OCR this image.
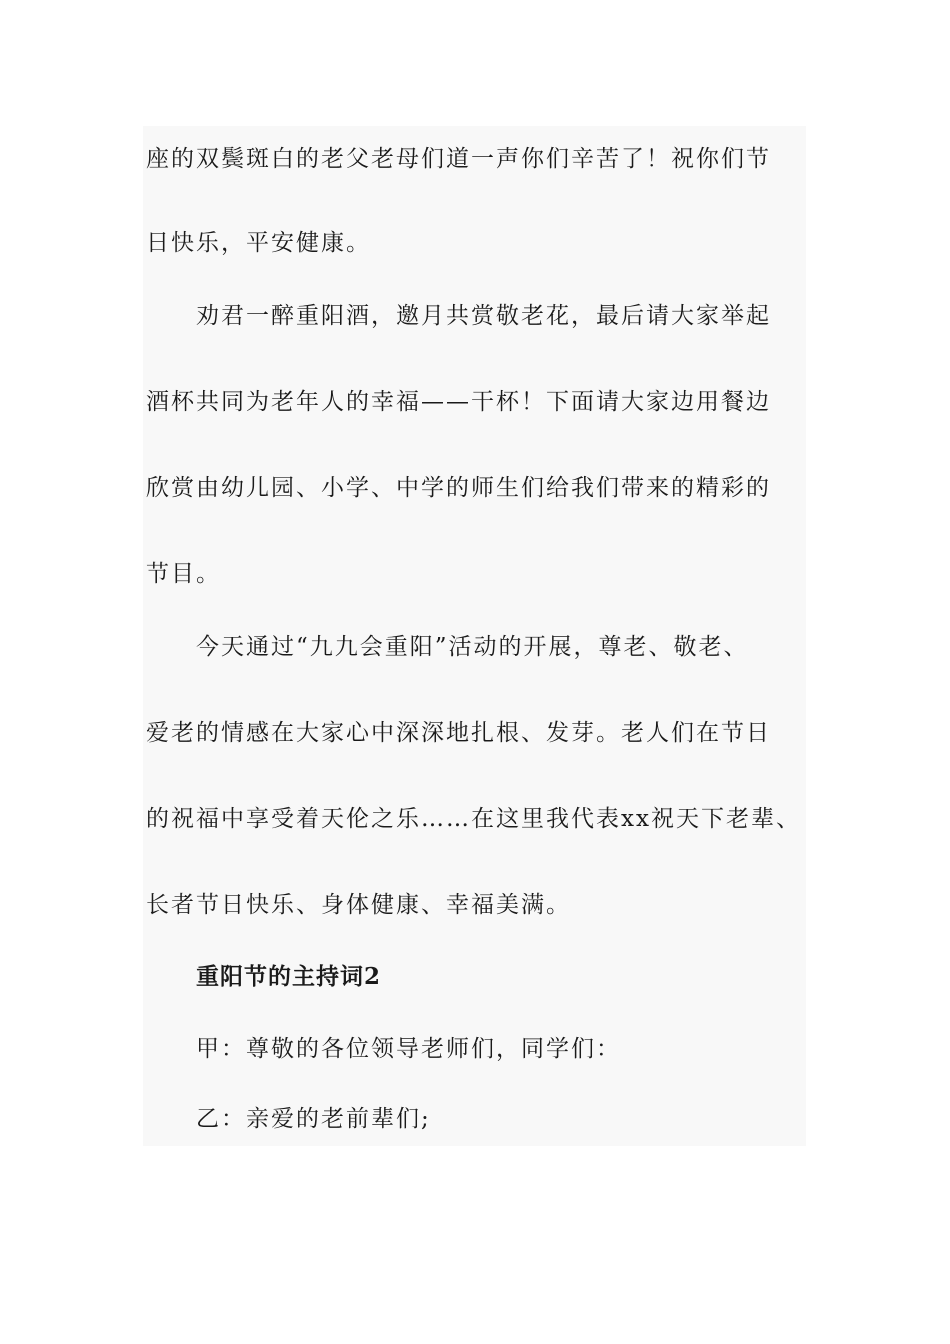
座的双鬓斑白的老父老母们道一声你们辛苦了！祝你们节
日快乐，平安健康。
劝君一醉重阳酒，邀月共赏敬老花，最后请大家举起
酒杯共同为老年人的幸福——干杯！下面请大家边用餐边
欣赏由幼儿园、小学、中学的师生们给我们带来的精彩的
节目。
今天通过“九九会重阳”活动的开展，尊老、敬老、
爱老的情感在大家心中深深地扎根、发芽。老人们在节日
的祝福中享受着天伦之乐……在这里我代表xx祝天下老辈、
长者节日快乐、身体健康、幸福美满。
重阳节的主持词2
甲：尊敬的各位领导老师们，同学们：
乙：亲爱的老前辈们;
